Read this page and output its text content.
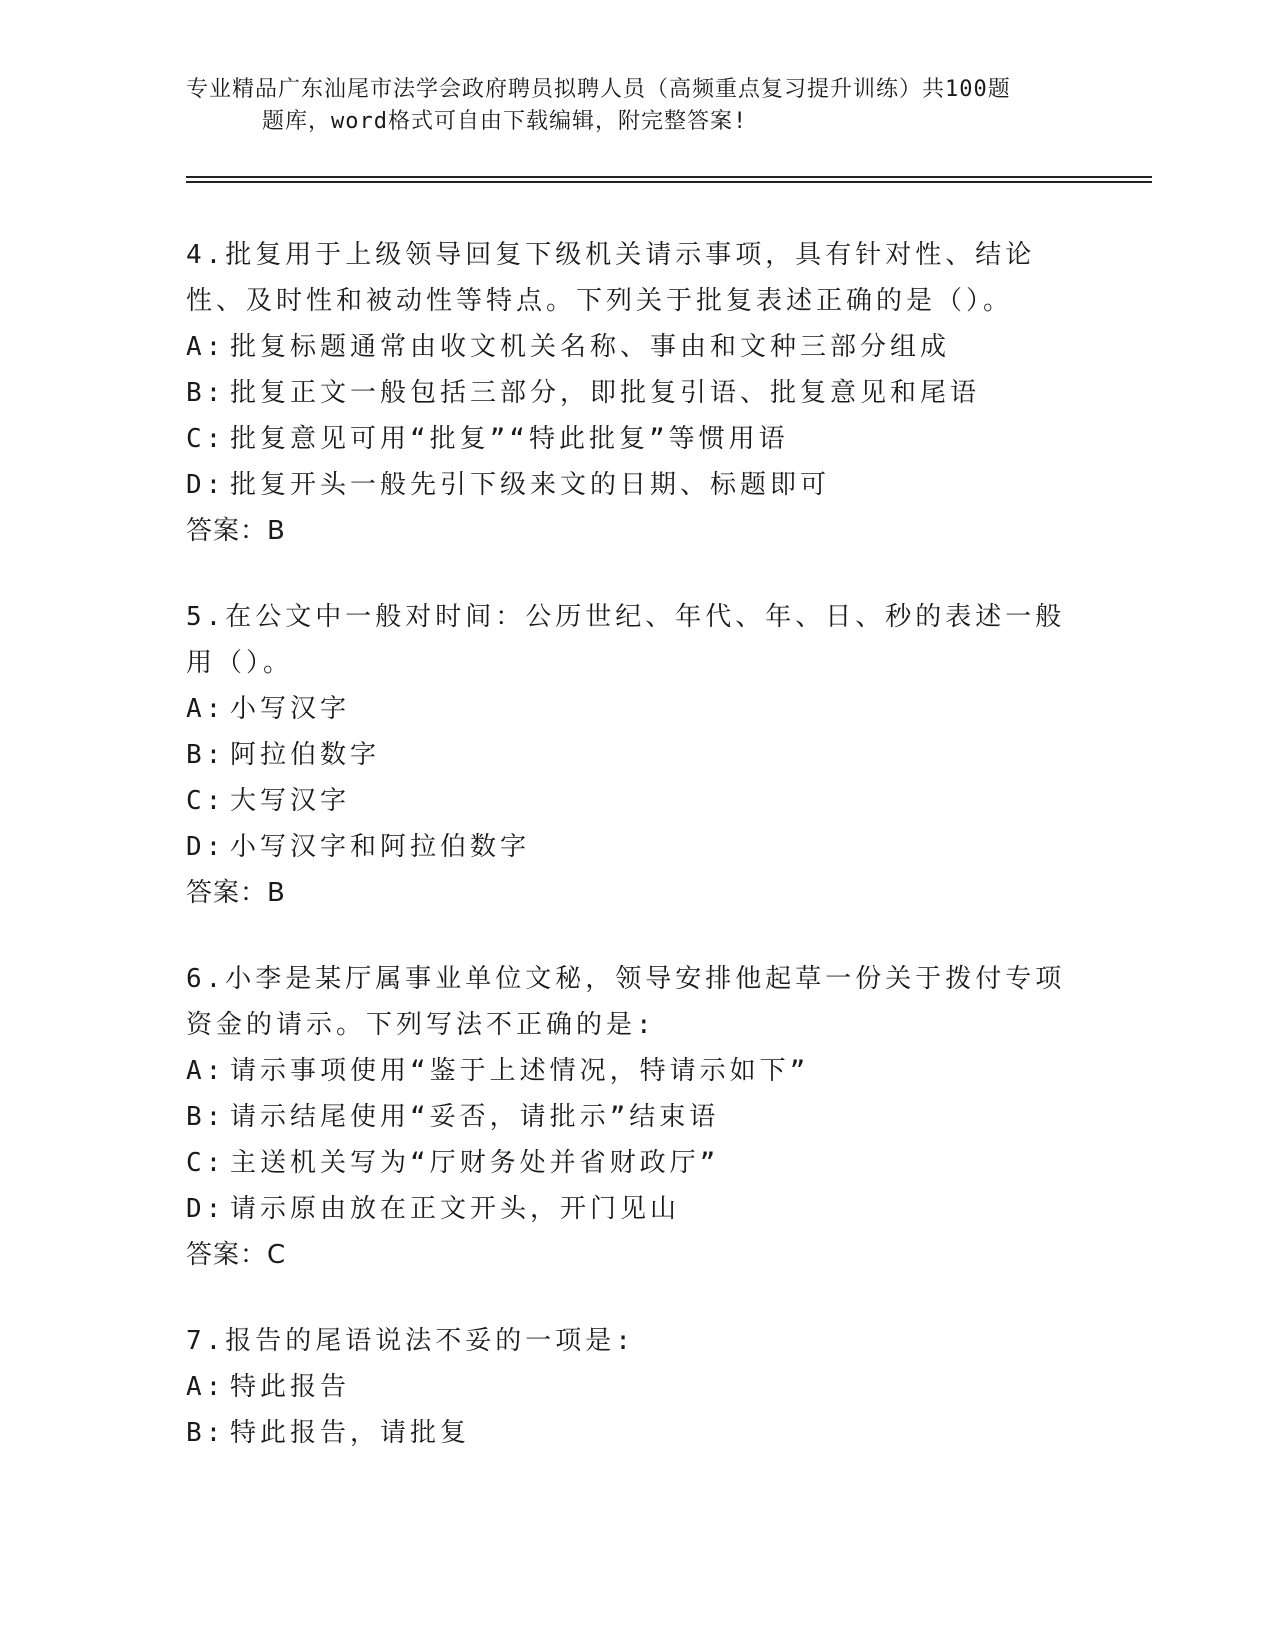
专业精品广东汕尾市法学会政府聘员拟聘人员（高频重点复习提升训练）共100题
题库，word格式可自由下载编辑，附完整答案!
4.批复用于上级领导回复下级机关请示事项，具有针对性、结论性、及时性和被动性等特点。下列关于批复表述正确的是（）。
A: 批复标题通常由收文机关名称、事由和文种三部分组成
B: 批复正文一般包括三部分，即批复引语、批复意见和尾语
C: 批复意见可用“批复”“特此批复”等惯用语
D: 批复开头一般先引下级来文的日期、标题即可
答案：B
5.在公文中一般对时间：公历世纪、年代、年、日、秒的表述一般用（）。
A: 小写汉字
B: 阿拉伯数字
C: 大写汉字
D: 小写汉字和阿拉伯数字
答案：B
6.小李是某厅属事业单位文秘，领导安排他起草一份关于拨付专项资金的请示。下列写法不正确的是:
A: 请示事项使用“鉴于上述情况，特请示如下”
B: 请示结尾使用“妥否，请批示”结束语
C: 主送机关写为“厅财务处并省财政厅”
D: 请示原由放在正文开头，开门见山
答案：C
7.报告的尾语说法不妥的一项是:
A: 特此报告
B: 特此报告，请批复
